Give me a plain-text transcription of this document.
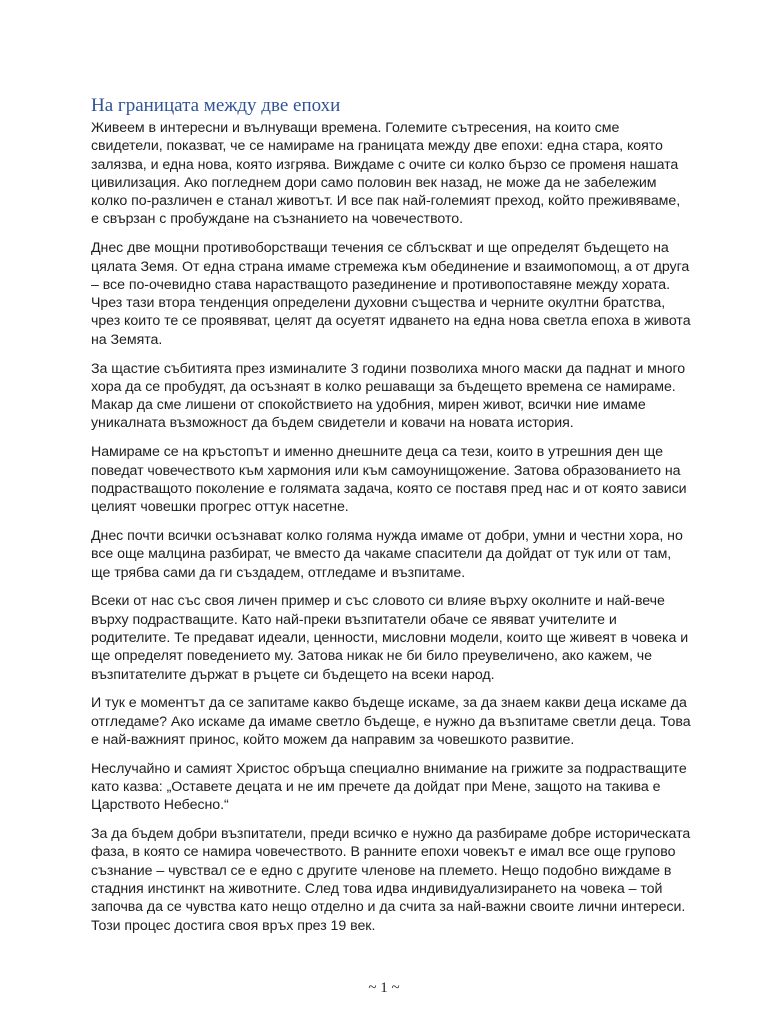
На границата между две епохи

Живеем в интересни и вълнуващи времена. Големите сътресения, на които сме свидетели, показват, че се намираме на границата между две епохи: една стара, която залязва, и една нова, която изгрява. Виждаме с очите си колко бързо се променя нашата цивилизация. Ако погледнем дори само половин век назад, не може да не забележим колко по-различен е станал животът. И все пак най-големият преход, който преживяваме, е свързан с пробуждане на съзнанието на човечеството.

Днес две мощни противоборстващи течения се сблъскват и ще определят бъдещето на цялата Земя. От една страна имаме стремежа към обединение и взаимопомощ, а от друга – все по-очевидно става нарастващото разединение и противопоставяне между хората. Чрез тази втора тенденция определени духовни същества и черните окултни братства, чрез които те се проявяват, целят да осуетят идването на една нова светла епоха в живота на Земята.

За щастие събитията през изминалите 3 години позволиха много маски да паднат и много хора да се пробудят, да осъзнаят в колко решаващи за бъдещето времена се намираме. Макар да сме лишени от спокойствието на удобния, мирен живот, всички ние имаме уникалната възможност да бъдем свидетели и ковачи на новата история.

Намираме се на кръстопът и именно днешните деца са тези, които в утрешния ден ще поведат човечеството към хармония или към самоунищожение. Затова образованието на подрастващото поколение е голямата задача, която се поставя пред нас и от която зависи целият човешки прогрес оттук насетне.

Днес почти всички осъзнават колко голяма нужда имаме от добри, умни и честни хора, но все още малцина разбират, че вместо да чакаме спасители да дойдат от тук или от там, ще трябва сами да ги създадем, отгледаме и възпитаме.

Всеки от нас със своя личен пример и със словото си влияе върху околните и най-вече върху подрастващите. Като най-преки възпитатели обаче се явяват учителите и родителите. Те предават идеали, ценности, мисловни модели, които ще живеят в човека и ще определят поведението му. Затова никак не би било преувеличено, ако кажем, че възпитателите държат в ръцете си бъдещето на всеки народ.

И тук е моментът да се запитаме какво бъдеще искаме, за да знаем какви деца искаме да отгледаме? Ако искаме да имаме светло бъдеще, е нужно да възпитаме светли деца. Това е най-важният принос, който можем да направим за човешкото развитие.

Неслучайно и самият Христос обръща специално внимание на грижите за подрастващите като казва: „Оставете децата и не им пречете да дойдат при Мене, защото на такива е Царството Небесно.“

За да бъдем добри възпитатели, преди всичко е нужно да разбираме добре историческата фаза, в която се намира човечеството. В ранните епохи човекът е имал все още групово съзнание – чувствал се е едно с другите членове на племето. Нещо подобно виждаме в стадния инстинкт на животните. След това идва индивидуализирането на човека – той започва да се чувства като нещо отделно и да счита за най-важни своите лични интереси. Този процес достига своя връх през 19 век.

~ 1 ~
